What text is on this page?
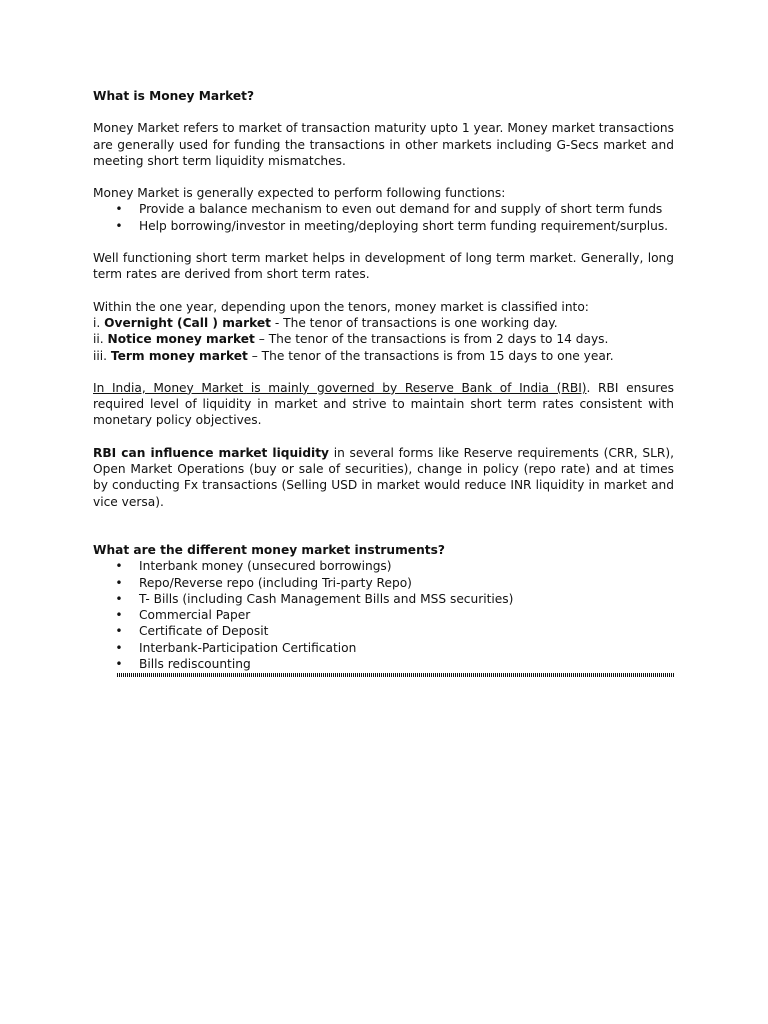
What is Money Market?

Money Market refers to market of transaction maturity upto 1 year. Money market transactions are generally used for funding the transactions in other markets including G-Secs market and meeting short term liquidity mismatches.

Money Market is generally expected to perform following functions:

• Provide a balance mechanism to even out demand for and supply of short term funds
• Help borrowing/investor in meeting/deploying short term funding requirement/surplus.

Well functioning short term market helps in development of long term market. Generally, long term rates are derived from short term rates.

Within the one year, depending upon the tenors, money market is classified into:

i. Overnight (Call ) market - The tenor of transactions is one working day.

ii. Notice money market – The tenor of the transactions is from 2 days to 14 days.

iii. Term money market – The tenor of the transactions is from 15 days to one year.

In India, Money Market is mainly governed by Reserve Bank of India (RBI). RBI ensures required level of liquidity in market and strive to maintain short term rates consistent with monetary policy objectives.

RBI can influence market liquidity in several forms like Reserve requirements (CRR, SLR), Open Market Operations (buy or sale of securities), change in policy (repo rate) and at times by conducting Fx transactions (Selling USD in market would reduce INR liquidity in market and vice versa).

What are the different money market instruments?

• Interbank money (unsecured borrowings)
• Repo/Reverse repo (including Tri-party Repo)
• T- Bills (including Cash Management Bills and MSS securities)
• Commercial Paper
• Certificate of Deposit
• Interbank-Participation Certification
• Bills rediscounting
